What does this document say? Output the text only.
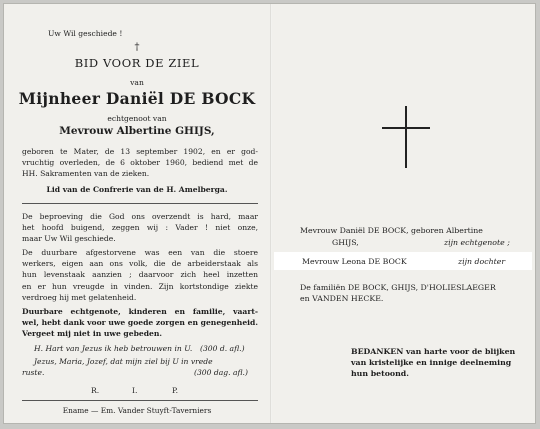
Uw Wil geschiede !
†
BID VOOR DE ZIEL
van
Mijnheer Daniël DE BOCK
echtgenoot van
Mevrouw Albertine GHIJS,
geboren te Mater, de 13 september 1902, en er god-
vruchtig overleden, de 6 oktober 1960, bediend met de
HH. Sakramenten van de zieken.
Lid van de Confrerie van de H. Amelberga.
De beproeving die God ons overzendt is hard, maar
het hoofd buigend, zeggen wij : Vader ! niet onze,
maar Uw Wil geschiede.
De duurbare afgestorvene was een van die stoere
werkers, eigen aan ons volk, die de arbeiderstaak als
hun levenstaak aanzien ; daarvoor zich heel inzetten
en er hun vreugde in vinden. Zijn kortstondige ziekte
verdroeg hij met gelatenheid.
Duurbare echtgenote, kinderen en familie, vaart-
wel, hebt dank voor uwe goede zorgen en genegenheid.
Vergeet mij niet in uwe gebeden.
H. Hart van Jezus ik heb betrouwen in U. (300 d. afl.)
Jezus, Maria, Jozef, dat mijn ziel bij U in vrede
ruste.	(300 dag. afl.)
R.	I.	P.
Ename — Em. Vander Stuyft-Taverniers
Mevrouw Daniël DE BOCK, geboren Albertine
GHIJS,	zijn echtgenote ;
Mevrouw Leona DE BOCK	zijn dochter
De familiën DE BOCK, GHIJS, D'HOLIESLAEGER
en VANDEN HECKE.
BEDANKEN van harte voor de blijken
van kristelijke en innige deelneming
hun betoond.
